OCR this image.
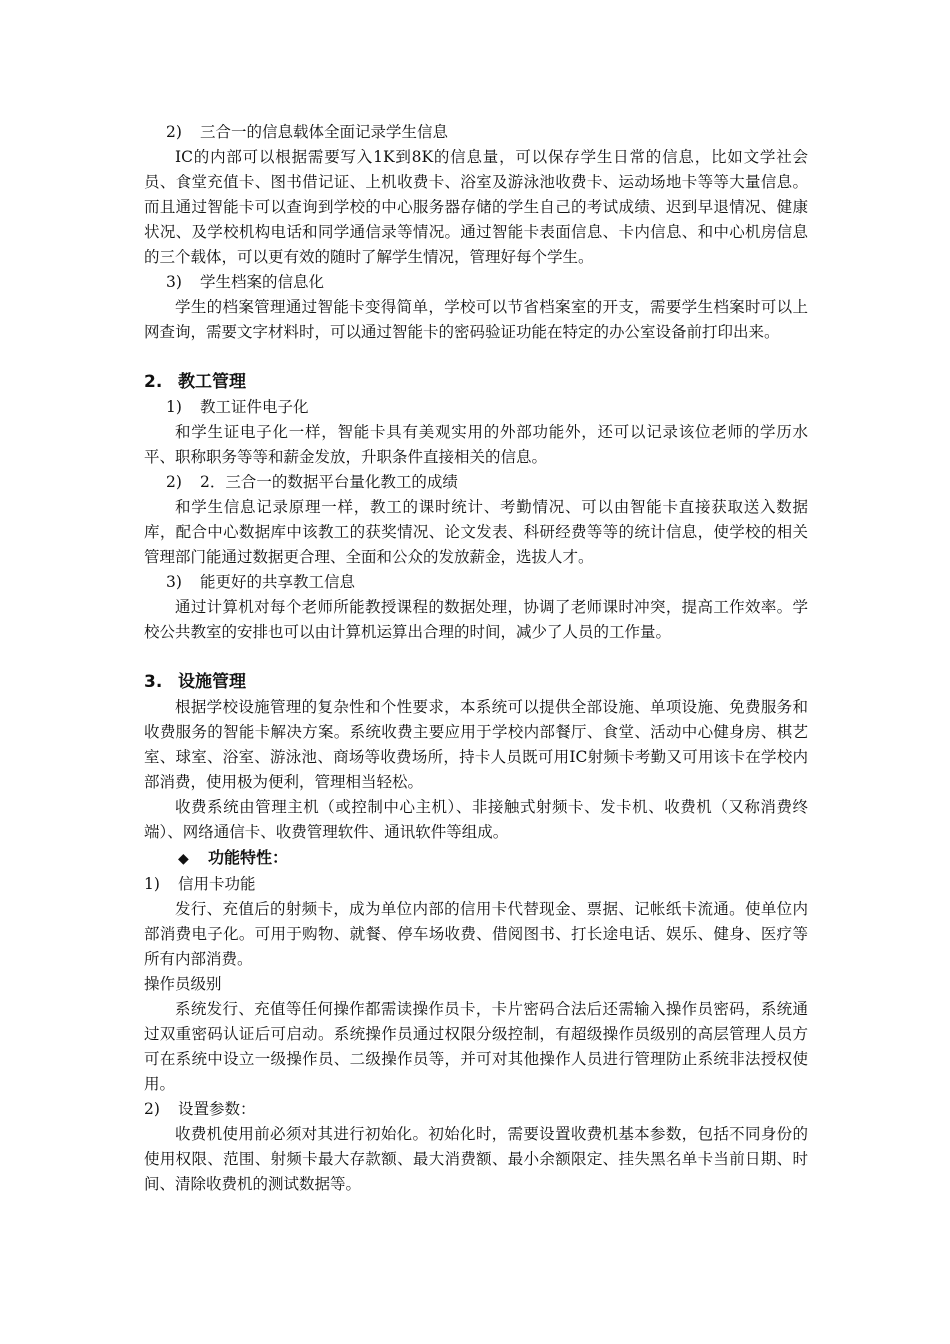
2) 三合一的信息载体全面记录学生信息

IC的内部可以根据需要写入1K到8K的信息量，可以保存学生日常的信息，比如文学社会员、食堂充值卡、图书借记证、上机收费卡、浴室及游泳池收费卡、运动场地卡等等大量信息。而且通过智能卡可以查询到学校的中心服务器存储的学生自己的考试成绩、迟到早退情况、健康状况、及学校机构电话和同学通信录等情况。通过智能卡表面信息、卡内信息、和中心机房信息的三个载体，可以更有效的随时了解学生情况，管理好每个学生。

3) 学生档案的信息化

学生的档案管理通过智能卡变得简单，学校可以节省档案室的开支，需要学生档案时可以上网查询，需要文字材料时，可以通过智能卡的密码验证功能在特定的办公室设备前打印出来。

2. 教工管理

1) 教工证件电子化

和学生证电子化一样，智能卡具有美观实用的外部功能外，还可以记录该位老师的学历水平、职称职务等等和薪金发放，升职条件直接相关的信息。

2) 2．三合一的数据平台量化教工的成绩

和学生信息记录原理一样，教工的课时统计、考勤情况、可以由智能卡直接获取送入数据库，配合中心数据库中该教工的获奖情况、论文发表、科研经费等等的统计信息，使学校的相关管理部门能通过数据更合理、全面和公众的发放薪金，选拔人才。

3) 能更好的共享教工信息

通过计算机对每个老师所能教授课程的数据处理，协调了老师课时冲突，提高工作效率。学校公共教室的安排也可以由计算机运算出合理的时间，减少了人员的工作量。

3. 设施管理

根据学校设施管理的复杂性和个性要求，本系统可以提供全部设施、单项设施、免费服务和收费服务的智能卡解决方案。系统收费主要应用于学校内部餐厅、食堂、活动中心健身房、棋艺室、球室、浴室、游泳池、商场等收费场所，持卡人员既可用IC射频卡考勤又可用该卡在学校内部消费，使用极为便利，管理相当轻松。

收费系统由管理主机（或控制中心主机）、非接触式射频卡、发卡机、收费机（又称消费终端）、网络通信卡、收费管理软件、通讯软件等组成。

◆ 功能特性：

1) 信用卡功能

发行、充值后的射频卡，成为单位内部的信用卡代替现金、票据、记帐纸卡流通。使单位内部消费电子化。可用于购物、就餐、停车场收费、借阅图书、打长途电话、娱乐、健身、医疗等所有内部消费。

操作员级别

系统发行、充值等任何操作都需读操作员卡，卡片密码合法后还需输入操作员密码，系统通过双重密码认证后可启动。系统操作员通过权限分级控制，有超级操作员级别的高层管理人员方可在系统中设立一级操作员、二级操作员等，并可对其他操作人员进行管理防止系统非法授权使用。

2) 设置参数：

收费机使用前必须对其进行初始化。初始化时，需要设置收费机基本参数，包括不同身份的使用权限、范围、射频卡最大存款额、最大消费额、最小余额限定、挂失黑名单卡当前日期、时间、清除收费机的测试数据等。
